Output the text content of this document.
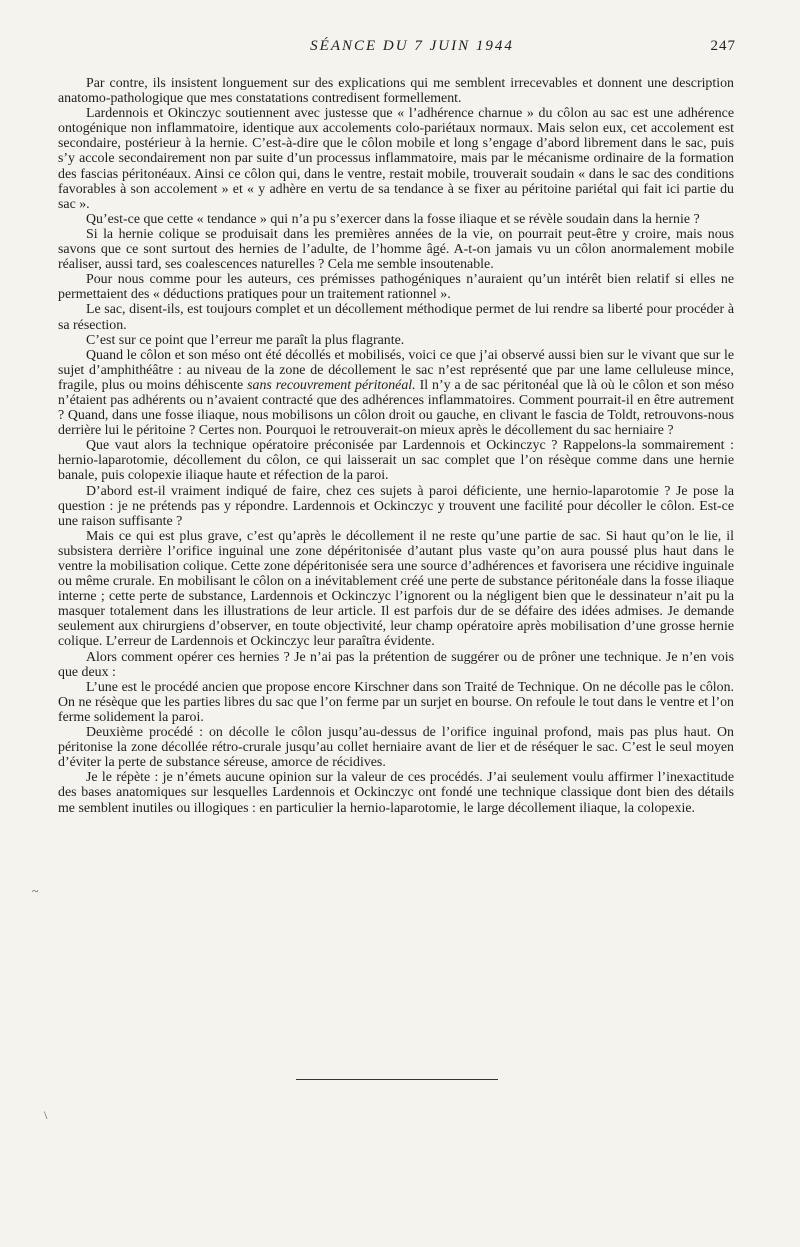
SÉANCE DU 7 JUIN 1944	247

Par contre, ils insistent longuement sur des explications qui me semblent irrecevables et donnent une description anatomo-pathologique que mes constatations contredisent formellement.

Lardennois et Okinczyc soutiennent avec justesse que « l’adhérence charnue » du côlon au sac est une adhérence ontogénique non inflammatoire, identique aux accolements colo-pariétaux normaux. Mais selon eux, cet accolement est secondaire, postérieur à la hernie. C’est-à-dire que le côlon mobile et long s’engage d’abord librement dans le sac, puis s’y accole secondairement non par suite d’un processus inflammatoire, mais par le mécanisme ordinaire de la formation des fascias péritonéaux. Ainsi ce côlon qui, dans le ventre, restait mobile, trouverait soudain « dans le sac des conditions favorables à son accolement » et « y adhère en vertu de sa tendance à se fixer au péritoine pariétal qui fait ici partie du sac ».

Qu’est-ce que cette « tendance » qui n’a pu s’exercer dans la fosse iliaque et se révèle soudain dans la hernie ?

Si la hernie colique se produisait dans les premières années de la vie, on pourrait peut-être y croire, mais nous savons que ce sont surtout des hernies de l’adulte, de l’homme âgé. A-t-on jamais vu un côlon anormalement mobile réaliser, aussi tard, ses coalescences naturelles ? Cela me semble insoutenable.

Pour nous comme pour les auteurs, ces prémisses pathogéniques n’auraient qu’un intérêt bien relatif si elles ne permettaient des « déductions pratiques pour un traitement rationnel ».

Le sac, disent-ils, est toujours complet et un décollement méthodique permet de lui rendre sa liberté pour procéder à sa résection.

C’est sur ce point que l’erreur me paraît la plus flagrante.

Quand le côlon et son méso ont été décollés et mobilisés, voici ce que j’ai observé aussi bien sur le vivant que sur le sujet d’amphithéâtre : au niveau de la zone de décollement le sac n’est représenté que par une lame celluleuse mince, fragile, plus ou moins déhiscente sans recouvrement péritonéal. Il n’y a de sac péritonéal que là où le côlon et son méso n’étaient pas adhérents ou n’avaient contracté que des adhérences inflammatoires. Comment pourrait-il en être autrement ? Quand, dans une fosse iliaque, nous mobilisons un côlon droit ou gauche, en clivant le fascia de Toldt, retrouvons-nous derrière lui le péritoine ? Certes non. Pourquoi le retrouverait-on mieux après le décollement du sac herniaire ?

Que vaut alors la technique opératoire préconisée par Lardennois et Ockinczyc ? Rappelons-la sommairement : hernio-laparotomie, décollement du côlon, ce qui laisserait un sac complet que l’on résèque comme dans une hernie banale, puis colopexie iliaque haute et réfection de la paroi.

D’abord est-il vraiment indiqué de faire, chez ces sujets à paroi déficiente, une hernio-laparotomie ? Je pose la question : je ne prétends pas y répondre. Lardennois et Ockinczyc y trouvent une facilité pour décoller le côlon. Est-ce une raison suffisante ?

Mais ce qui est plus grave, c’est qu’après le décollement il ne reste qu’une partie de sac. Si haut qu’on le lie, il subsistera derrière l’orifice inguinal une zone dépéritonisée d’autant plus vaste qu’on aura poussé plus haut dans le ventre la mobilisation colique. Cette zone dépéritonisée sera une source d’adhérences et favorisera une récidive inguinale ou même crurale. En mobilisant le côlon on a inévitablement créé une perte de substance péritonéale dans la fosse iliaque interne ; cette perte de substance, Lardennois et Ockinczyc l’ignorent ou la négligent bien que le dessinateur n’ait pu la masquer totalement dans les illustrations de leur article. Il est parfois dur de se défaire des idées admises. Je demande seulement aux chirurgiens d’observer, en toute objectivité, leur champ opératoire après mobilisation d’une grosse hernie colique. L’erreur de Lardennois et Ockinczyc leur paraîtra évidente.

Alors comment opérer ces hernies ? Je n’ai pas la prétention de suggérer ou de prôner une technique. Je n’en vois que deux :

L’une est le procédé ancien que propose encore Kirschner dans son Traité de Technique. On ne décolle pas le côlon. On ne résèque que les parties libres du sac que l’on ferme par un surjet en bourse. On refoule le tout dans le ventre et l’on ferme solidement la paroi.

Deuxième procédé : on décolle le côlon jusqu’au-dessus de l’orifice inguinal profond, mais pas plus haut. On péritonise la zone décollée rétro-crurale jusqu’au collet herniaire avant de lier et de réséquer le sac. C’est le seul moyen d’éviter la perte de substance séreuse, amorce de récidives.

Je le répète : je n’émets aucune opinion sur la valeur de ces procédés. J’ai seulement voulu affirmer l’inexactitude des bases anatomiques sur lesquelles Lardennois et Ockinczyc ont fondé une technique classique dont bien des détails me semblent inutiles ou illogiques : en particulier la hernio-laparotomie, le large décollement iliaque, la colopexie.

~
\
